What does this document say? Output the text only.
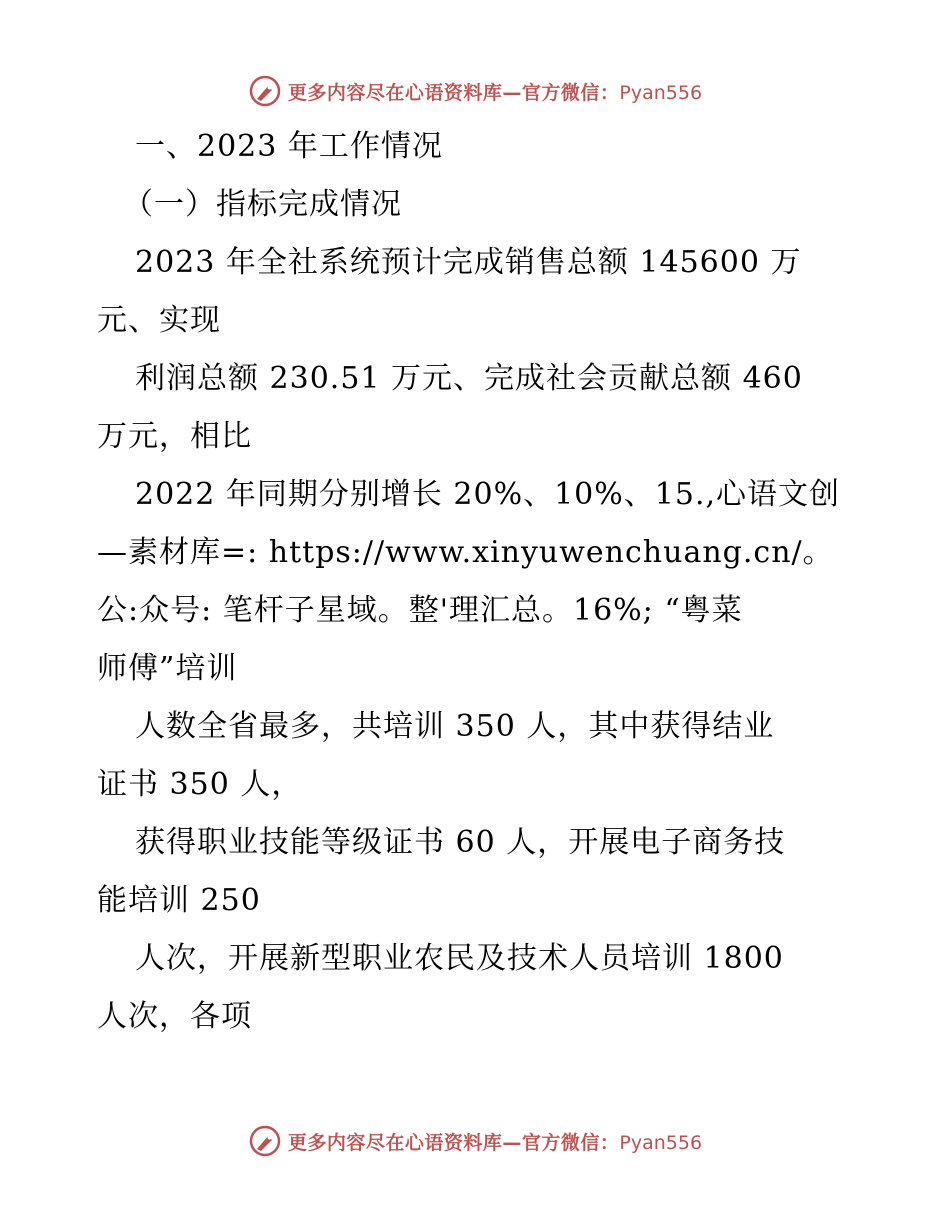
更多内容尽在心语资料库—官方微信：Pyan556
一、2023 年工作情况
（一）指标完成情况
2023 年全社系统预计完成销售总额 145600 万
元、实现
利润总额 230.51 万元、完成社会贡献总额 460
万元，相比
2022 年同期分别增长 20%、10%、15.,心语文创
—素材库=: https://www.xinyuwenchuang.cn/。
公:众号: 笔杆子星域。整'理汇总。16%; “粤菜
师傅”培训
人数全省最多，共培训 350 人，其中获得结业
证书 350 人，
获得职业技能等级证书 60 人，开展电子商务技
能培训 250
人次，开展新型职业农民及技术人员培训 1800
人次，各项
更多内容尽在心语资料库—官方微信：Pyan556
